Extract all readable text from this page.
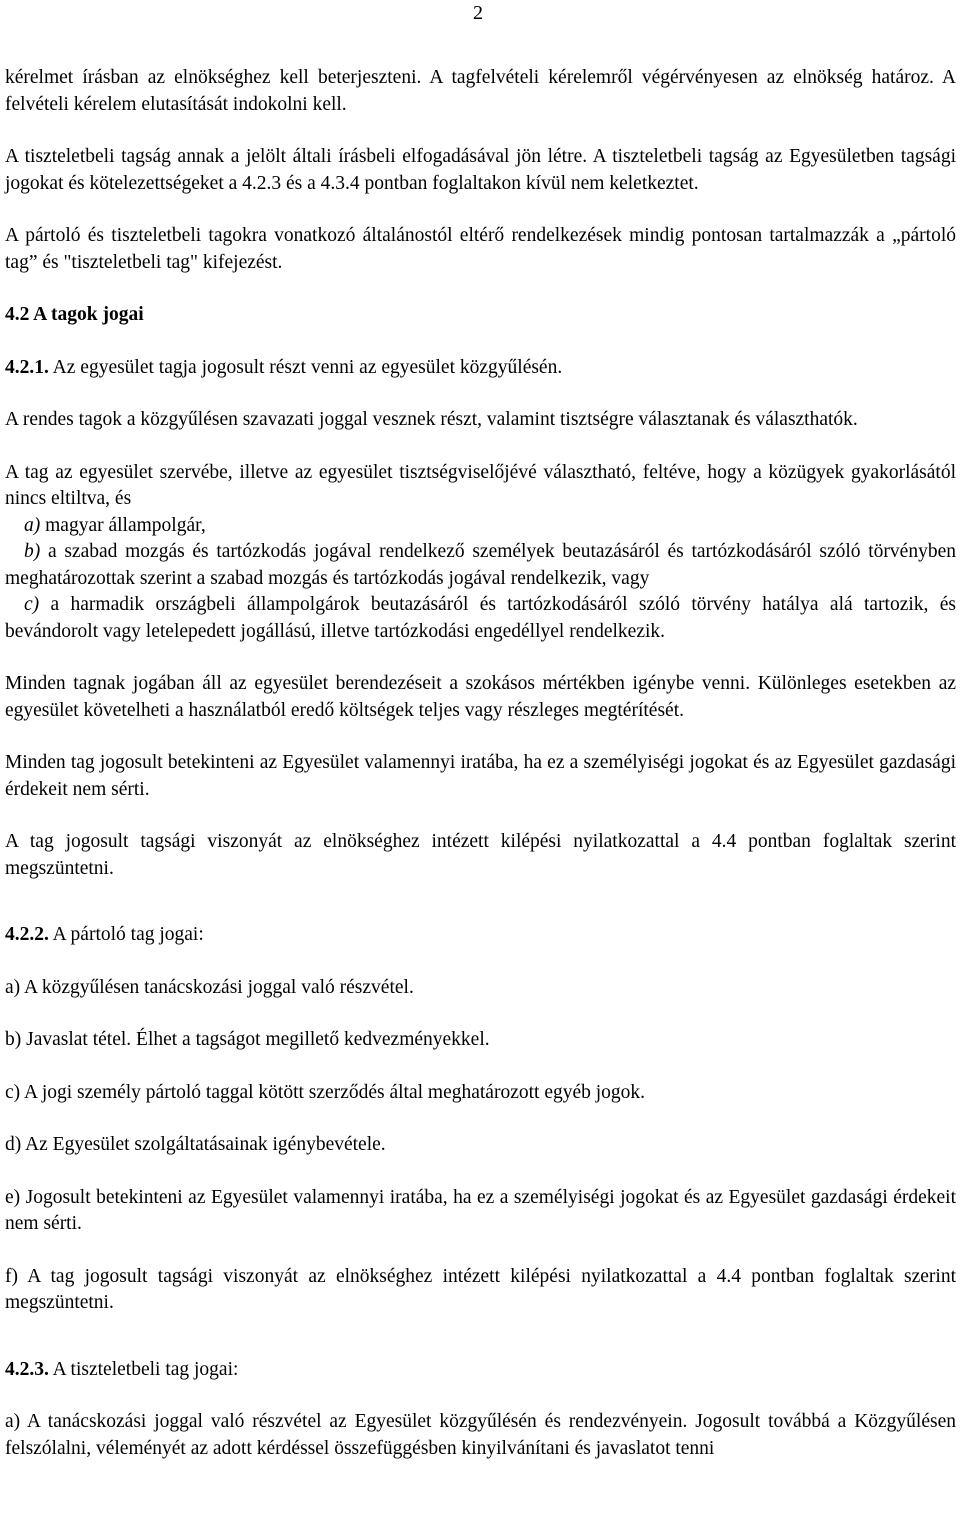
2

kérelmet írásban az elnökséghez kell beterjeszteni. A tagfelvételi kérelemről végérvényesen az elnökség határoz. A felvételi kérelem elutasítását indokolni kell.

A tiszteletbeli tagság annak a jelölt általi írásbeli elfogadásával jön létre. A tiszteletbeli tagság az Egyesületben tagsági jogokat és kötelezettségeket a 4.2.3 és a 4.3.4 pontban foglaltakon kívül nem keletkeztet.

A pártoló és tiszteletbeli tagokra vonatkozó általánostól eltérő rendelkezések mindig pontosan tartalmazzák a „pártoló tag” és "tiszteletbeli tag" kifejezést.

4.2 A tagok jogai

4.2.1. Az egyesület tagja jogosult részt venni az egyesület közgyűlésén.

A rendes tagok a közgyűlésen szavazati joggal vesznek részt, valamint tisztségre választanak és választhatók.

A tag az egyesület szervébe, illetve az egyesület tisztségviselőjévé választható, feltéve, hogy a közügyek gyakorlásától nincs eltiltva, és

a) magyar állampolgár,

b) a szabad mozgás és tartózkodás jogával rendelkező személyek beutazásáról és tartózkodásáról szóló törvényben meghatározottak szerint a szabad mozgás és tartózkodás jogával rendelkezik, vagy

c) a harmadik országbeli állampolgárok beutazásáról és tartózkodásáról szóló törvény hatálya alá tartozik, és bevándorolt vagy letelepedett jogállású, illetve tartózkodási engedéllyel rendelkezik.

Minden tagnak jogában áll az egyesület berendezéseit a szokásos mértékben igénybe venni. Különleges esetekben az egyesület követelheti a használatból eredő költségek teljes vagy részleges megtérítését.

Minden tag jogosult betekinteni az Egyesület valamennyi iratába, ha ez a személyiségi jogokat és az Egyesület gazdasági érdekeit nem sérti.

A tag jogosult tagsági viszonyát az elnökséghez intézett kilépési nyilatkozattal a 4.4 pontban foglaltak szerint megszüntetni.

4.2.2. A pártoló tag jogai:

a) A közgyűlésen tanácskozási joggal való részvétel.

b) Javaslat tétel. Élhet a tagságot megillető kedvezményekkel.

c) A jogi személy pártoló taggal kötött szerződés által meghatározott egyéb jogok.

d) Az Egyesület szolgáltatásainak igénybevétele.

e) Jogosult betekinteni az Egyesület valamennyi iratába, ha ez a személyiségi jogokat és az Egyesület gazdasági érdekeit nem sérti.

f) A tag jogosult tagsági viszonyát az elnökséghez intézett kilépési nyilatkozattal a 4.4 pontban foglaltak szerint megszüntetni.

4.2.3. A tiszteletbeli tag jogai:

a) A tanácskozási joggal való részvétel az Egyesület közgyűlésén és rendezvényein. Jogosult továbbá a Közgyűlésen felszólalni, véleményét az adott kérdéssel összefüggésben kinyilvánítani és javaslatot tenni
